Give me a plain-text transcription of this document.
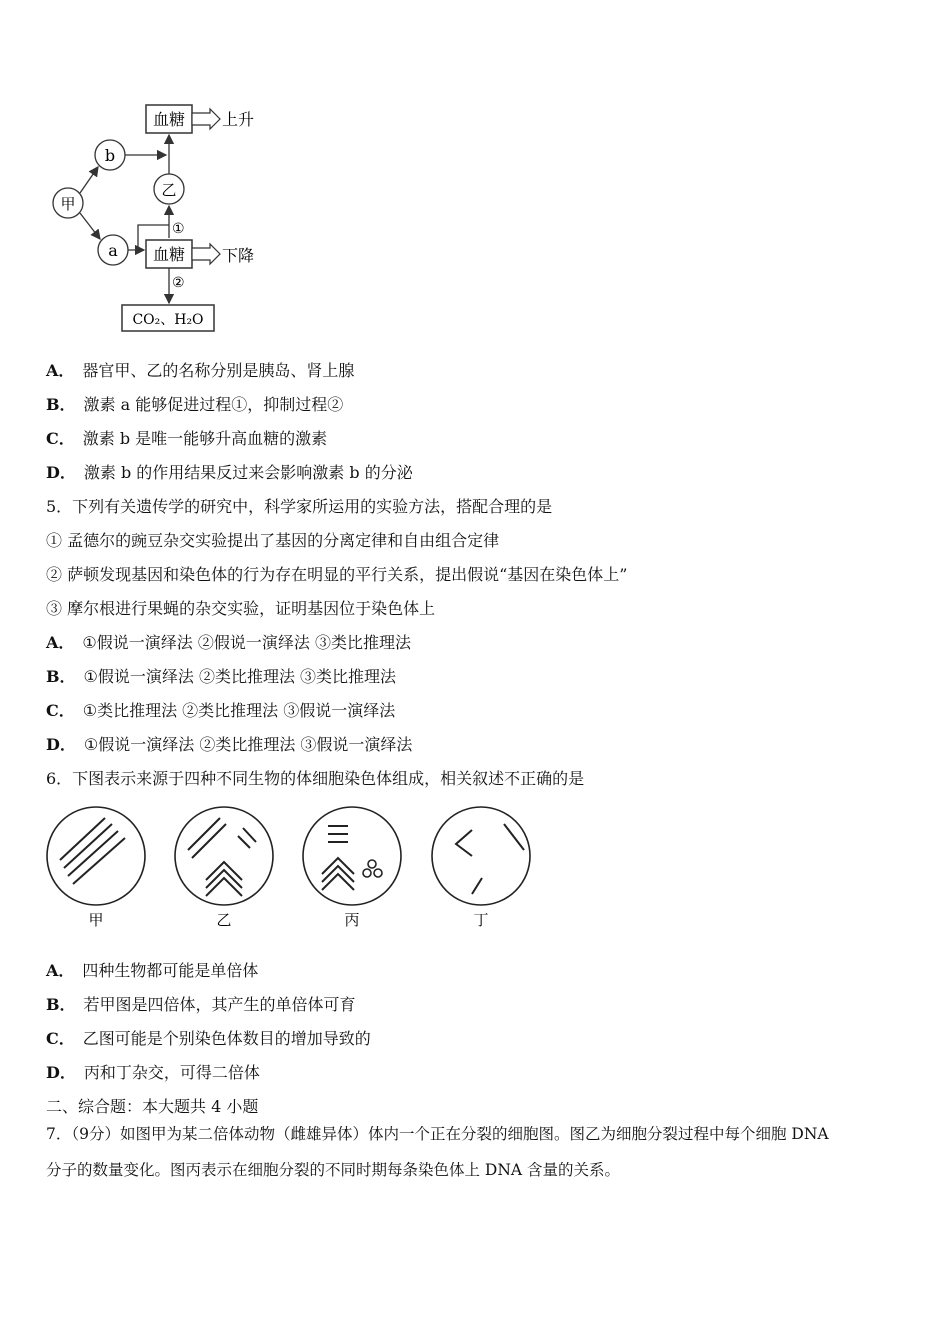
血糖 上升
b
甲
乙
①
a 血糖 下降
②
CO₂、H₂O
A． 器官甲、乙的名称分别是胰岛、肾上腺
B． 激素 a 能够促进过程①，抑制过程②
C． 激素 b 是唯一能够升高血糖的激素
D． 激素 b 的作用结果反过来会影响激素 b 的分泌
5．下列有关遗传学的研究中，科学家所运用的实验方法，搭配合理的是
① 孟德尔的豌豆杂交实验提出了基因的分离定律和自由组合定律
② 萨顿发现基因和染色体的行为存在明显的平行关系，提出假说“基因在染色体上”
③ 摩尔根进行果蝇的杂交实验，证明基因位于染色体上
A． ①假说一演绎法 ②假说一演绎法 ③类比推理法
B． ①假说一演绎法 ②类比推理法 ③类比推理法
C． ①类比推理法 ②类比推理法 ③假说一演绎法
D． ①假说一演绎法 ②类比推理法 ③假说一演绎法
6．下图表示来源于四种不同生物的体细胞染色体组成，相关叙述不正确的是
甲	乙	丙	丁
A． 四种生物都可能是单倍体
B． 若甲图是四倍体，其产生的单倍体可育
C． 乙图可能是个别染色体数目的增加导致的
D． 丙和丁杂交，可得二倍体
二、综合题：本大题共 4 小题
7．（9分）如图甲为某二倍体动物（雌雄异体）体内一个正在分裂的细胞图。图乙为细胞分裂过程中每个细胞 DNA
分子的数量变化。图丙表示在细胞分裂的不同时期每条染色体上 DNA 含量的关系。
